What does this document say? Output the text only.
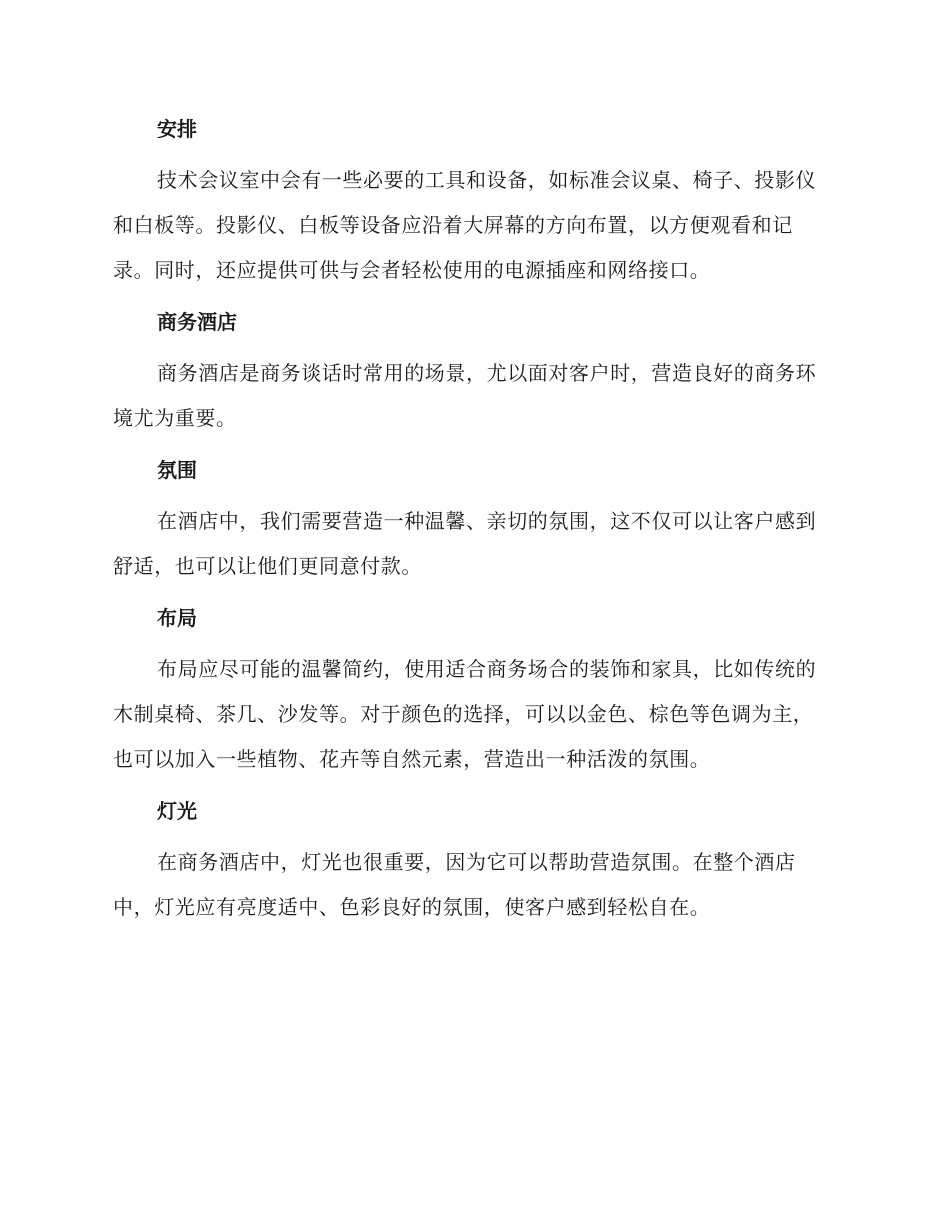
安排

技术会议室中会有一些必要的工具和设备，如标准会议桌、椅子、投影仪和白板等。投影仪、白板等设备应沿着大屏幕的方向布置，以方便观看和记录。同时，还应提供可供与会者轻松使用的电源插座和网络接口。

商务酒店

商务酒店是商务谈话时常用的场景，尤以面对客户时，营造良好的商务环境尤为重要。

氛围

在酒店中，我们需要营造一种温馨、亲切的氛围，这不仅可以让客户感到舒适，也可以让他们更同意付款。

布局

布局应尽可能的温馨简约，使用适合商务场合的装饰和家具，比如传统的木制桌椅、茶几、沙发等。对于颜色的选择，可以以金色、棕色等色调为主，也可以加入一些植物、花卉等自然元素，营造出一种活泼的氛围。

灯光

在商务酒店中，灯光也很重要，因为它可以帮助营造氛围。在整个酒店中，灯光应有亮度适中、色彩良好的氛围，使客户感到轻松自在。
